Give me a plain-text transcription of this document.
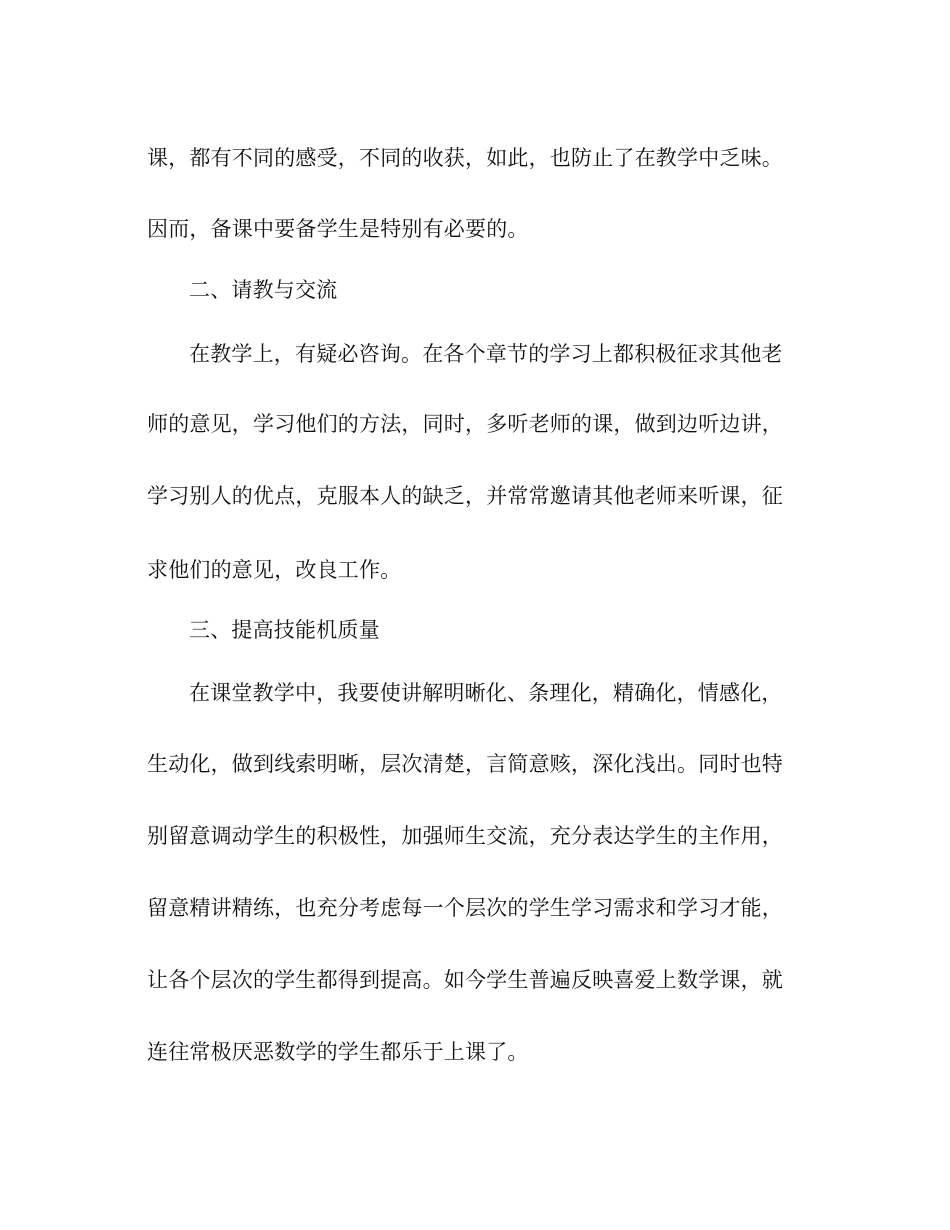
课，都有不同的感受，不同的收获，如此，也防止了在教学中乏味。
因而，备课中要备学生是特别有必要的。
二、请教与交流
在教学上，有疑必咨询。在各个章节的学习上都积极征求其他老
师的意见，学习他们的方法，同时，多听老师的课，做到边听边讲，
学习别人的优点，克服本人的缺乏，并常常邀请其他老师来听课，征
求他们的意见，改良工作。
三、提高技能机质量
在课堂教学中，我要使讲解明晰化、条理化，精确化，情感化，
生动化，做到线索明晰，层次清楚，言简意赅，深化浅出。同时也特
别留意调动学生的积极性，加强师生交流，充分表达学生的主作用，
留意精讲精练，也充分考虑每一个层次的学生学习需求和学习才能，
让各个层次的学生都得到提高。如今学生普遍反映喜爱上数学课，就
连往常极厌恶数学的学生都乐于上课了。
